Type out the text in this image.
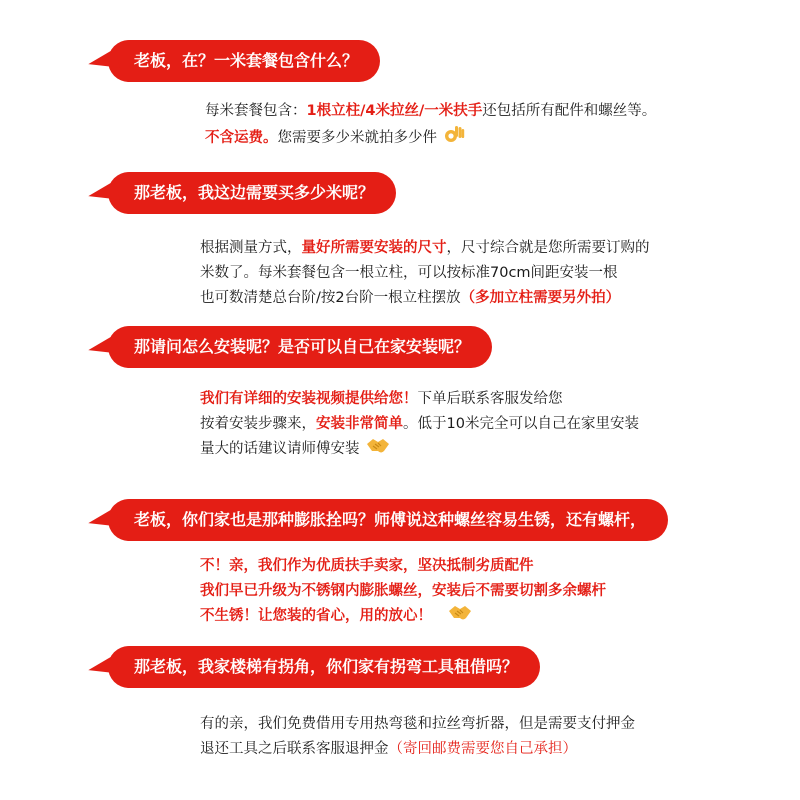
老板，在？一米套餐包含什么？
每米套餐包含：1根立柱/4米拉丝/一米扶手还包括所有配件和螺丝等。
不含运费。您需要多少米就拍多少件
那老板，我这边需要买多少米呢？
根据测量方式，量好所需要安装的尺寸，尺寸综合就是您所需要订购的
米数了。每米套餐包含一根立柱，可以按标准70cm间距安装一根
也可数清楚总台阶/按2台阶一根立柱摆放（多加立柱需要另外拍）
那请问怎么安装呢？是否可以自己在家安装呢？
我们有详细的安装视频提供给您！下单后联系客服发给您
按着安装步骤来，安装非常简单。低于10米完全可以自己在家里安装
量大的话建议请师傅安装
老板，你们家也是那种膨胀拴吗？师傅说这种螺丝容易生锈，还有螺杆，
不！亲，我们作为优质扶手卖家，坚决抵制劣质配件
我们早已升级为不锈钢内膨胀螺丝，安装后不需要切割多余螺杆
不生锈！让您装的省心，用的放心！
那老板，我家楼梯有拐角，你们家有拐弯工具租借吗？
有的亲，我们免费借用专用热弯毯和拉丝弯折器，但是需要支付押金
退还工具之后联系客服退押金（寄回邮费需要您自己承担）
